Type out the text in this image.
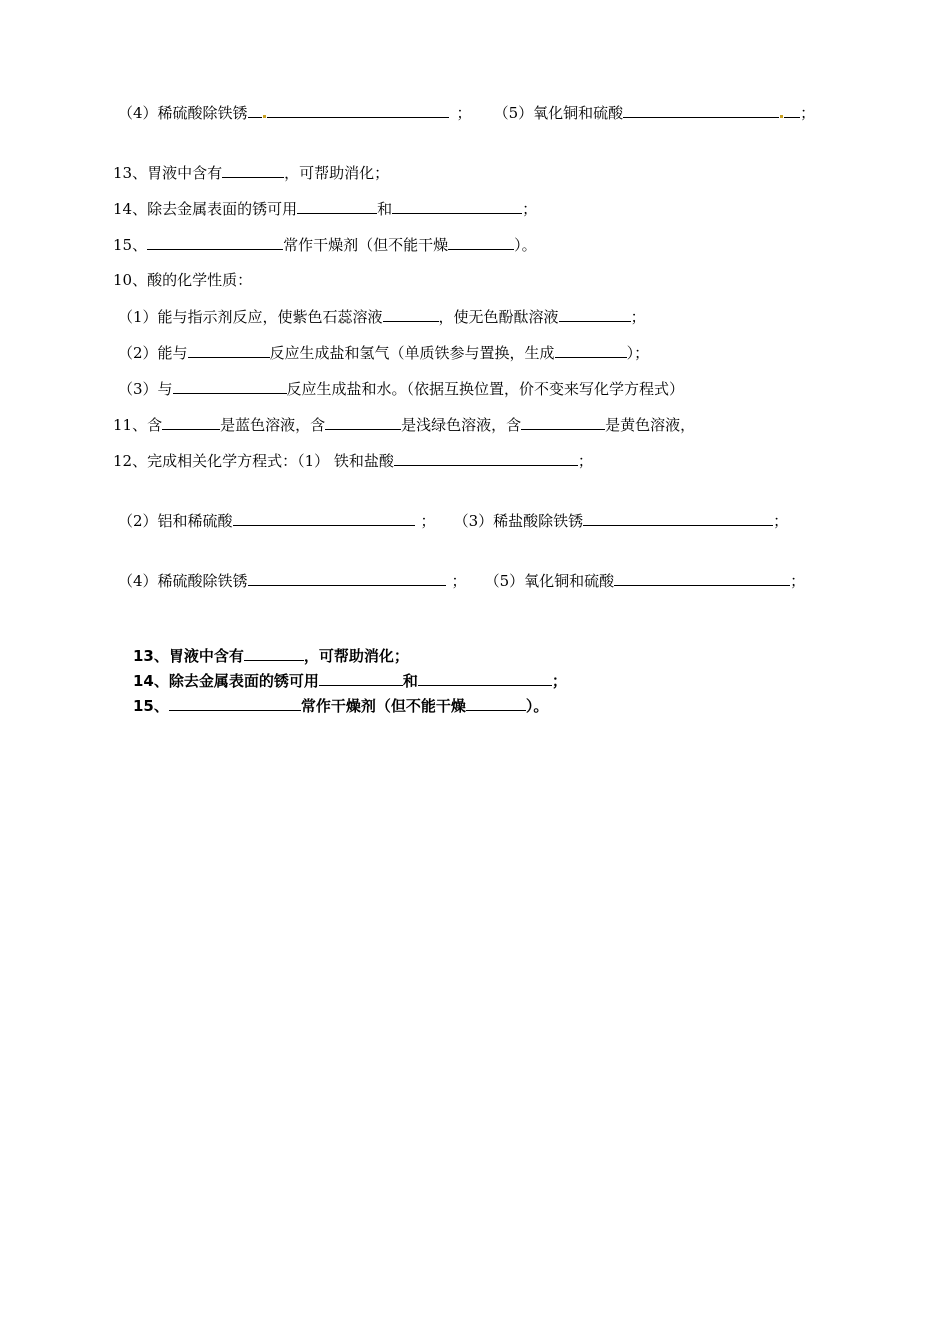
（4）稀硫酸除铁锈	； （5）氧化铜和硫酸	；
13、胃液中含有	，可帮助消化；
14、除去金属表面的锈可用	和	；
15、	常作干燥剂（但不能干燥	）。
10、酸的化学性质：
（1）能与指示剂反应，使紫色石蕊溶液	，使无色酚酞溶液	；
（2）能与	反应生成盐和氢气（单质铁参与置换，生成	）；
（3）与	反应生成盐和水。（依据互换位置，价不变来写化学方程式）
11、含	是蓝色溶液，含	是浅绿色溶液，含	是黄色溶液，
12、完成相关化学方程式：（1） 铁和盐酸	；
（2）铝和稀硫酸	； （3）稀盐酸除铁锈	；
（4）稀硫酸除铁锈	； （5）氧化铜和硫酸	；
13、胃液中含有	，可帮助消化；
14、除去金属表面的锈可用	和	；
15、	常作干燥剂（但不能干燥	）。
